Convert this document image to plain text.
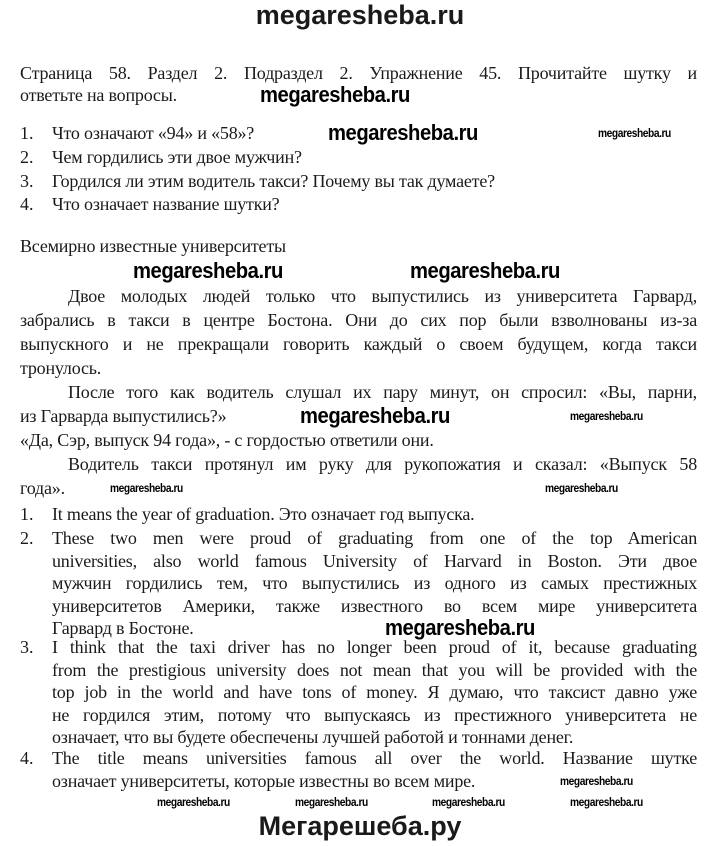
megaresheba.ru
Страница 58. Раздел 2. Подраздел 2. Упражнение 45. Прочитайте шутку и
ответьте на вопросы.
1. Что означают «94» и «58»?
2. Чем гордились эти двое мужчин?
3. Гордился ли этим водитель такси? Почему вы так думаете?
4. Что означает название шутки?
Всемирно известные университеты
Двое молодых людей только что выпустились из университета Гарвард,
забрались в такси в центре Бостона. Они до сих пор были взволнованы из-за
выпускного и не прекращали говорить каждый о своем будущем, когда такси
тронулось.
После того как водитель слушал их пару минут, он спросил: «Вы, парни,
из Гарварда выпустились?»
«Да, Сэр, выпуск 94 года», - с гордостью ответили они.
Водитель такси протянул им руку для рукопожатия и сказал: «Выпуск 58
года».
1. It means the year of graduation. Это означает год выпуска.
2. These two men were proud of graduating from one of the top American
universities, also world famous University of Harvard in Boston. Эти двое
мужчин гордились тем, что выпустились из одного из самых престижных
университетов Америки, также известного во всем мире университета
Гарвард в Бостоне.
3. I think that the taxi driver has no longer been proud of it, because graduating
from the prestigious university does not mean that you will be provided with the
top job in the world and have tons of money. Я думаю, что таксист давно уже
не гордился этим, потому что выпускаясь из престижного университета не
означает, что вы будете обеспечены лучшей работой и тоннами денег.
4. The title means universities famous all over the world. Название шутке
означает университеты, которые известны во всем мире.
megaresheba.ru
megaresheba.ru	megaresheba.ru
megaresheba.ru	megaresheba.ru
megaresheba.ru	megaresheba.ru
megaresheba.ru	megaresheba.ru
megaresheba.ru
megaresheba.ru
megaresheba.ru	megaresheba.ru	megaresheba.ru	megaresheba.ru
Мегарешеба.ру
